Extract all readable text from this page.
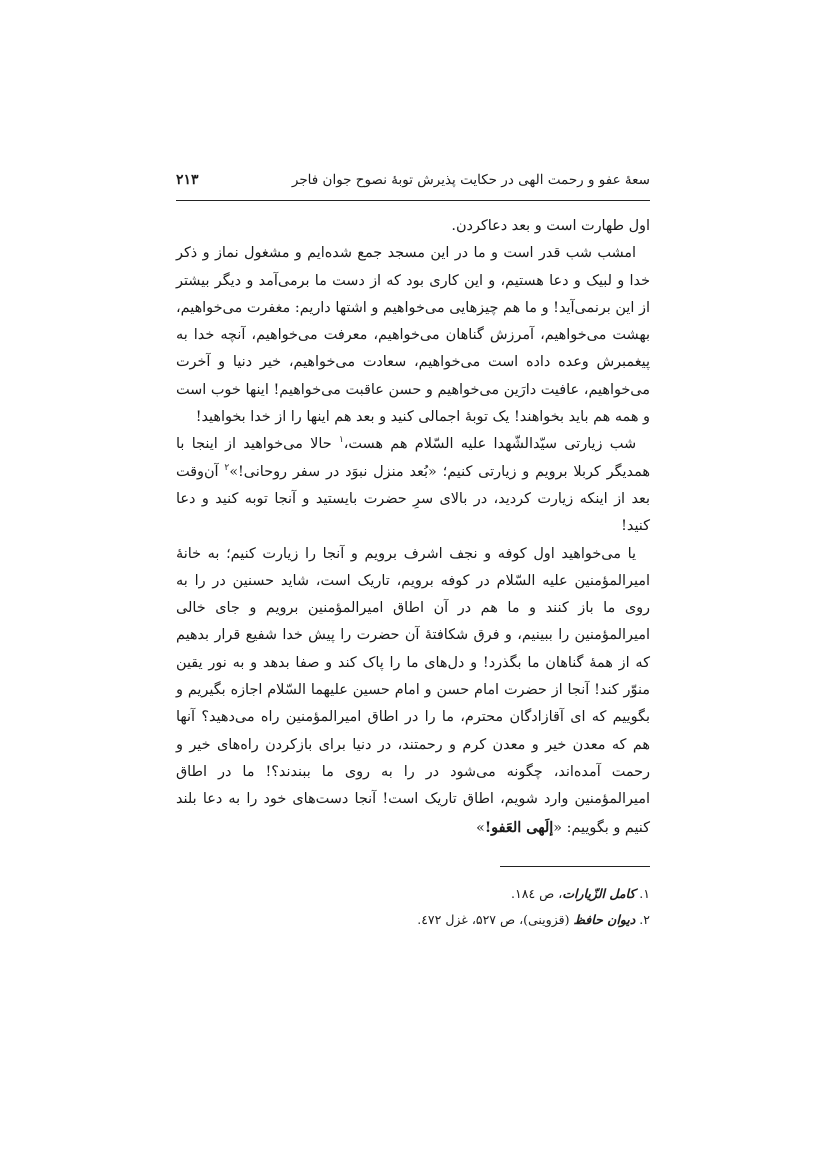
سعهٔ عفو و رحمت الهی در حکایت پذیرش توبهٔ نصوح جوان فاجر
۲۱۳

اول طهارت است و بعد دعاکردن.

امشب شب قدر است و ما در این مسجد جمع شده‌ایم و مشغول نماز و ذکر خدا و لبیک و دعا هستیم، و این کاری بود که از دست ما برمی‌آمد و دیگر بیشتر از این برنمی‌آید! و ما هم چیزهایی می‌خواهیم و اشتها داریم: مغفرت می‌خواهیم، بهشت می‌خواهیم، آمرزش گناهان می‌خواهیم، معرفت می‌خواهیم، آنچه خدا به پیغمبرش وعده داده است می‌خواهیم، سعادت می‌خواهیم، خیر دنیا و آخرت می‌خواهیم، عافیت دارَین می‌خواهیم و حسن عاقبت می‌خواهیم! اینها خوب است و همه هم باید بخواهند! یک توبهٔ اجمالی کنید و بعد هم اینها را از خدا بخواهید!

شب زیارتی سیّدالشّهدا علیه السّلام هم هست،$^۱$ حالا می‌خواهید از اینجا با همدیگر کربلا برویم و زیارتی کنیم؛ «بُعد منزل نبوَد در سفر روحانی!»$^۲$ آن‌وقت بعد از اینکه زیارت کردید، در بالای سرِ حضرت بایستید و آنجا توبه کنید و دعا کنید!

یا می‌خواهید اول کوفه و نجف اشرف برویم و آنجا را زیارت کنیم؛ به خانهٔ امیرالمؤمنین علیه السّلام در کوفه برویم، تاریک است، شاید حسنین در را به روی ما باز کنند و ما هم در آن اطاق امیرالمؤمنین برویم و جای خالی امیرالمؤمنین را ببینیم، و فرق شکافتهٔ آن حضرت را پیش خدا شفیع قرار بدهیم که از همهٔ گناهان ما بگذرد! و دل‌های ما را پاک کند و صفا بدهد و به نور یقین منوّر کند! آنجا از حضرت امام حسن و امام حسین علیهما السّلام اجازه بگیریم و بگوییم که ای آقازادگان محترم، ما را در اطاق امیرالمؤمنین راه می‌دهید؟ آنها هم که معدن خیر و معدن کرم و رحمتند، در دنیا برای بازکردن راه‌های خیر و رحمت آمده‌اند، چگونه می‌شود در را به روی ما ببندند؟! ما در اطاق امیرالمؤمنین وارد شویم، اطاق تاریک است! آنجا دست‌های خود را به دعا بلند کنیم و بگوییم: «إلَهی العَفو!»

۱. کامل الزّیارات، ص ۱۸٤.
۲. دیوان حافظ (قزوینی)، ص ۵۲۷، غزل ٤۷۲.
